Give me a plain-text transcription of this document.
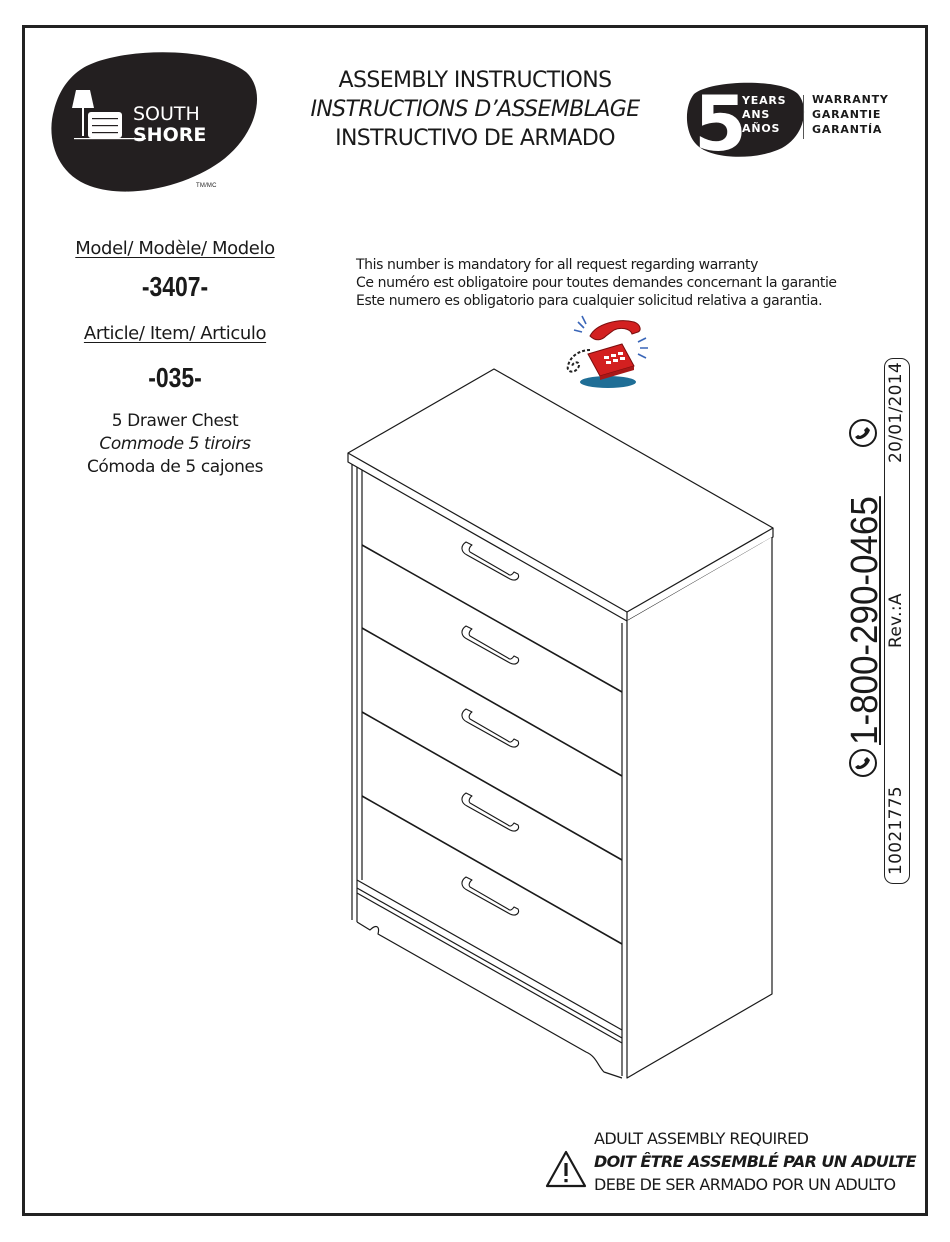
SOUTH
SHORE
TM/MC
ASSEMBLY INSTRUCTIONS
INSTRUCTIONS D’ASSEMBLAGE
INSTRUCTIVO DE ARMADO	5
YEARS
ANS
AÑOS
WARRANTY
GARANTIE
GARANTÍA
Model/ Modèle/ Modelo
-3407-
Article/ Item/ Articulo
-035-
5 Drawer Chest
Commode 5 tiroirs
Cómoda de 5 cajones
This number is mandatory for all request regarding warranty
Ce numéro est obligatoire pour toutes demandes concernant la garantie
Este numero es obligatorio para cualquier solicitud relativa a garantia.
1-800-290-0465
10021775
Rev.:A
20/01/2014
ADULT ASSEMBLY REQUIRED
DOIT ÊTRE ASSEMBLÉ PAR UN ADULTE
DEBE DE SER ARMADO POR UN ADULTO
